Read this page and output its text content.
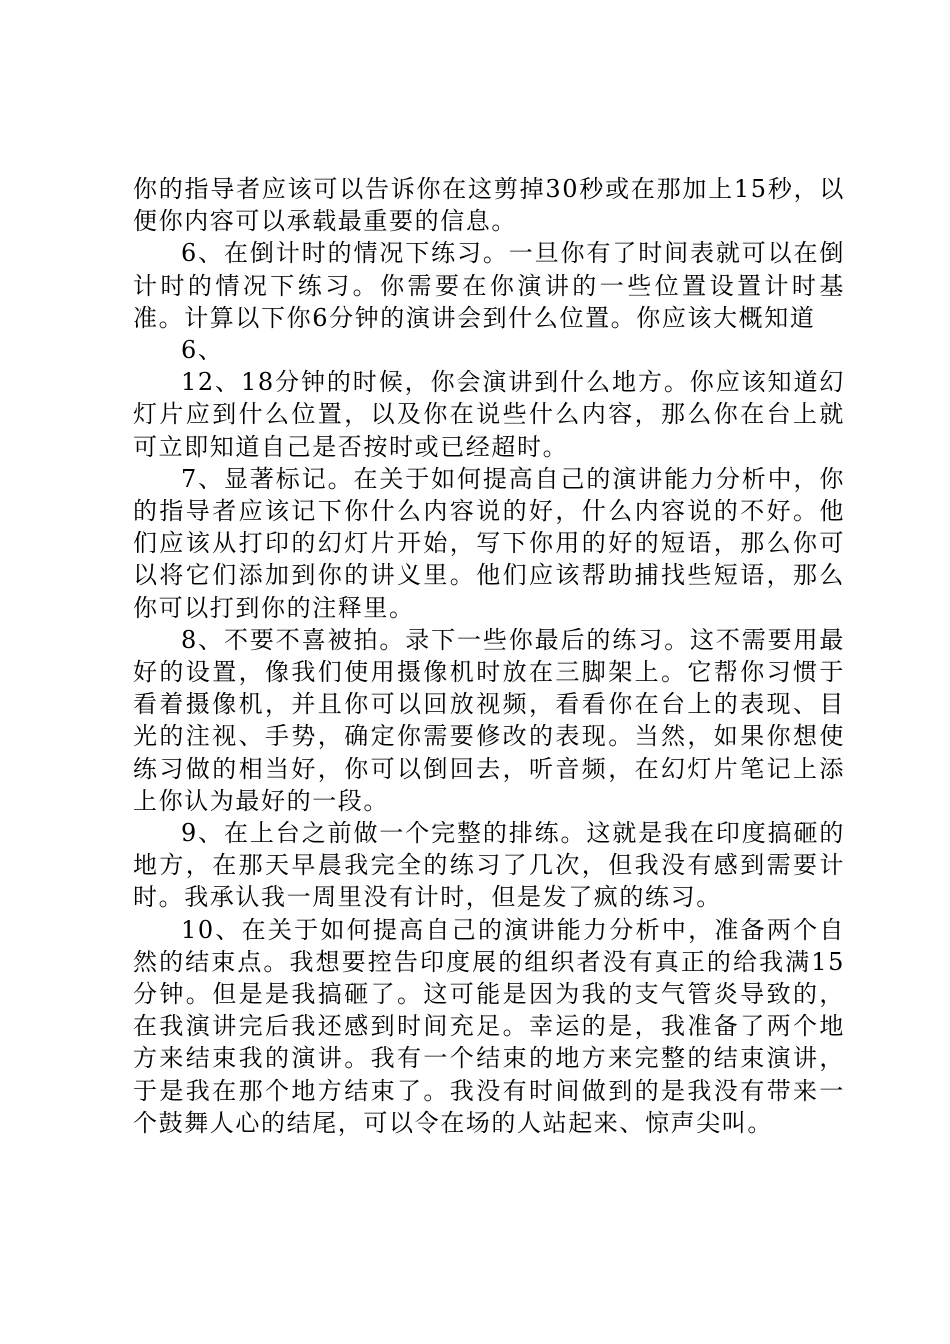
你的指导者应该可以告诉你在这剪掉30秒或在那加上15秒，以便你内容可以承载最重要的信息。

6、在倒计时的情况下练习。一旦你有了时间表就可以在倒计时的情况下练习。你需要在你演讲的一些位置设置计时基准。计算以下你6分钟的演讲会到什么位置。你应该大概知道

6、

12、18分钟的时候，你会演讲到什么地方。你应该知道幻灯片应到什么位置，以及你在说些什么内容，那么你在台上就可立即知道自己是否按时或已经超时。

7、显著标记。在关于如何提高自己的演讲能力分析中，你的指导者应该记下你什么内容说的好，什么内容说的不好。他们应该从打印的幻灯片开始，写下你用的好的短语，那么你可以将它们添加到你的讲义里。他们应该帮助捕找些短语，那么你可以打到你的注释里。

8、不要不喜被拍。录下一些你最后的练习。这不需要用最好的设置，像我们使用摄像机时放在三脚架上。它帮你习惯于看着摄像机，并且你可以回放视频，看看你在台上的表现、目光的注视、手势，确定你需要修改的表现。当然，如果你想使练习做的相当好，你可以倒回去，听音频，在幻灯片笔记上添上你认为最好的一段。

9、在上台之前做一个完整的排练。这就是我在印度搞砸的地方，在那天早晨我完全的练习了几次，但我没有感到需要计时。我承认我一周里没有计时，但是发了疯的练习。

10、在关于如何提高自己的演讲能力分析中，准备两个自然的结束点。我想要控告印度展的组织者没有真正的给我满15分钟。但是是我搞砸了。这可能是因为我的支气管炎导致的，在我演讲完后我还感到时间充足。幸运的是，我准备了两个地方来结束我的演讲。我有一个结束的地方来完整的结束演讲，于是我在那个地方结束了。我没有时间做到的是我没有带来一个鼓舞人心的结尾，可以令在场的人站起来、惊声尖叫。
